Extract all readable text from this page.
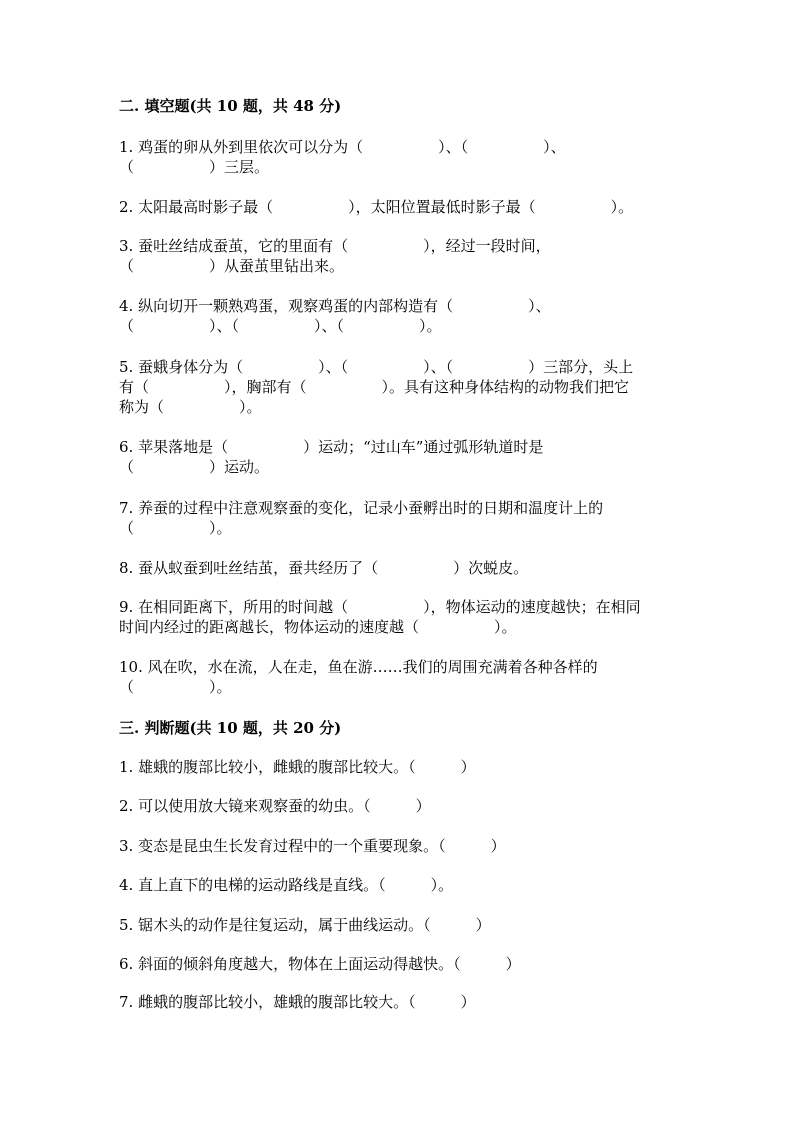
二. 填空题(共 10 题，共 48 分)
1. 鸡蛋的卵从外到里依次可以分为（　　　　　）、（　　　　　）、
（　　　　　）三层。
2. 太阳最高时影子最（　　　　　），太阳位置最低时影子最（　　　　　）。
3. 蚕吐丝结成蚕茧，它的里面有（　　　　　），经过一段时间，
（　　　　　）从蚕茧里钻出来。
4. 纵向切开一颗熟鸡蛋，观察鸡蛋的内部构造有（　　　　　）、
（　　　　　）、（　　　　　）、（　　　　　）。
5. 蚕蛾身体分为（　　　　　）、（　　　　　）、（　　　　　）三部分，头上
有（　　　　　），胸部有（　　　　　）。具有这种身体结构的动物我们把它
称为（　　　　　）。
6. 苹果落地是（　　　　　）运动；“过山车”通过弧形轨道时是
（　　　　　）运动。
7. 养蚕的过程中注意观察蚕的变化，记录小蚕孵出时的日期和温度计上的
（　　　　　）。
8. 蚕从蚁蚕到吐丝结茧，蚕共经历了（　　　　　）次蜕皮。
9. 在相同距离下，所用的时间越（　　　　　），物体运动的速度越快；在相同
时间内经过的距离越长，物体运动的速度越（　　　　　）。
10. 风在吹，水在流，人在走，鱼在游……我们的周围充满着各种各样的
（　　　　　）。
三. 判断题(共 10 题，共 20 分)
1. 雄蛾的腹部比较小，雌蛾的腹部比较大。（　　　）
2. 可以使用放大镜来观察蚕的幼虫。（　　　）
3. 变态是昆虫生长发育过程中的一个重要现象。（　　　）
4. 直上直下的电梯的运动路线是直线。（　　　）。
5. 锯木头的动作是往复运动，属于曲线运动。（　　　）
6. 斜面的倾斜角度越大，物体在上面运动得越快。（　　　）
7. 雌蛾的腹部比较小，雄蛾的腹部比较大。（　　　）
